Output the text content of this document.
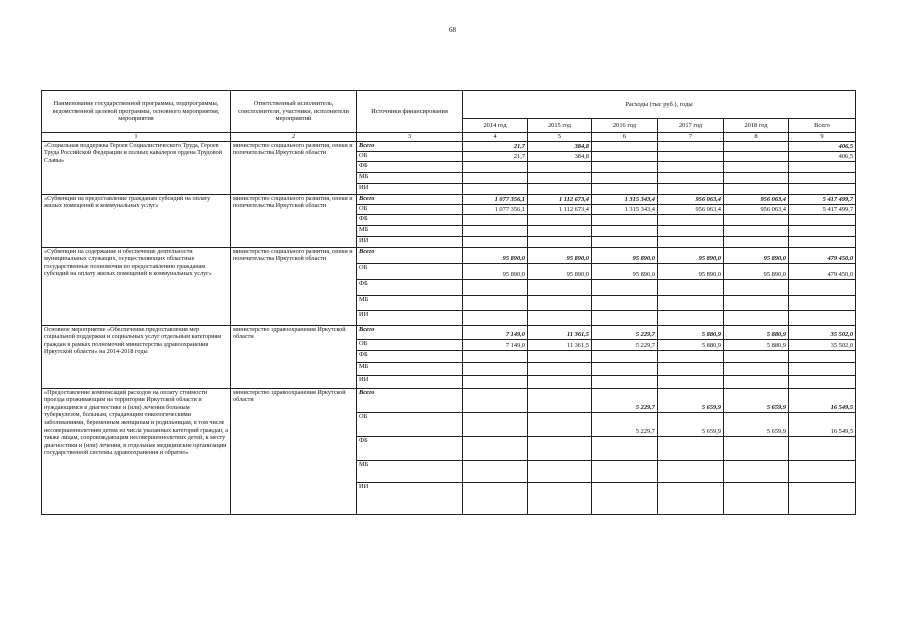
68
Наименование государственной программы, подпрограммы, ведомственной целевой программы, основного мероприятия, мероприятия	Ответственный исполнитель, соисполнители, участники, исполнители мероприятий	Источники финансирования	Расходы (тыс руб.), годы					
			2014 год	2015 год	2016 год	2017 год	2018 год	Всего
1	2	3	4	5	6	7	8	9
«Социальная поддержка Героев Социалистического Труда, Героев Труда Российской Федерации и полных кавалеров ордена Трудовой Славы»	министерство социального развития, опеки и попечительства Иркутской области	Всего	21,7	384,8				406,5
		ОБ	21,7	384,8				406,5
		ФБ						
		МБ						
		ИИ						
«Субвенции на предоставление гражданам субсидий на оплату жилых помещений и коммунальных услуг»	министерство социального развития, опеки и попечительства Иркутской области	Всего	1 077 356,1	1 112 673,4	1 315 343,4	956 063,4	956 063,4	5 417 499,7
		ОБ	1 077 356,1	1 112 673,4	1 315 343,4	956 063,4	956 063,4	5 417 499,7
		ФБ						
		МБ						
		ИИ						
«Субвенции на содержание и обеспечение деятельности муниципальных служащих, осуществляющих областные государственные полномочия по предоставлению гражданам субсидий на оплату жилых помещений и коммунальных услуг»	министерство социального развития, опеки и попечительства Иркутской области	Всего	95 890,0	95 890,0	95 890,0	95 890,0	95 890,0	479 450,0
		ОБ	95 890,0	95 890,0	95 890,0	95 890,0	95 890,0	479 450,0
		ФБ						
		МБ						
		ИИ						
Основное мероприятие «Обеспечение предоставления мер социальной поддержки и социальных услуг отдельным категориям граждан в рамках полномочий министерства здравоохранения Иркутской области» на 2014-2018 годы	министерство здравоохранения Иркутской области	Всего	7 149,0	11 361,5	5 229,7	5 880,9	5 880,9	35 502,0
		ОБ	7 149,0	11 361,5	5 229,7	5 880,9	5 880,9	35 502,0
		ФБ						
		МБ						
		ИИ						
«Предоставление компенсаций расходов на оплату стоимости проезда проживающим на территории Иркутской области и нуждающимся в диагностике и (или) лечении больным туберкулезом, больным, страдающим онкологическими заболеваниями, беременным женщинам и родильницам, в том числе несовершеннолетним детям из числа указанных категорий граждан, а также лицам, сопровождающим несовершеннолетних детей, к месту диагностики и (или) лечения, в отдельные медицинские организации государственной системы здравоохранения и обратно»	министерство здравоохранения Иркутской области	Всего			5 229,7	5 659,9	5 659,9	16 549,5
		ОБ			5 229,7	5 659,9	5 659,9	16 549,5
		ФБ						
		МБ						
		ИИ						
